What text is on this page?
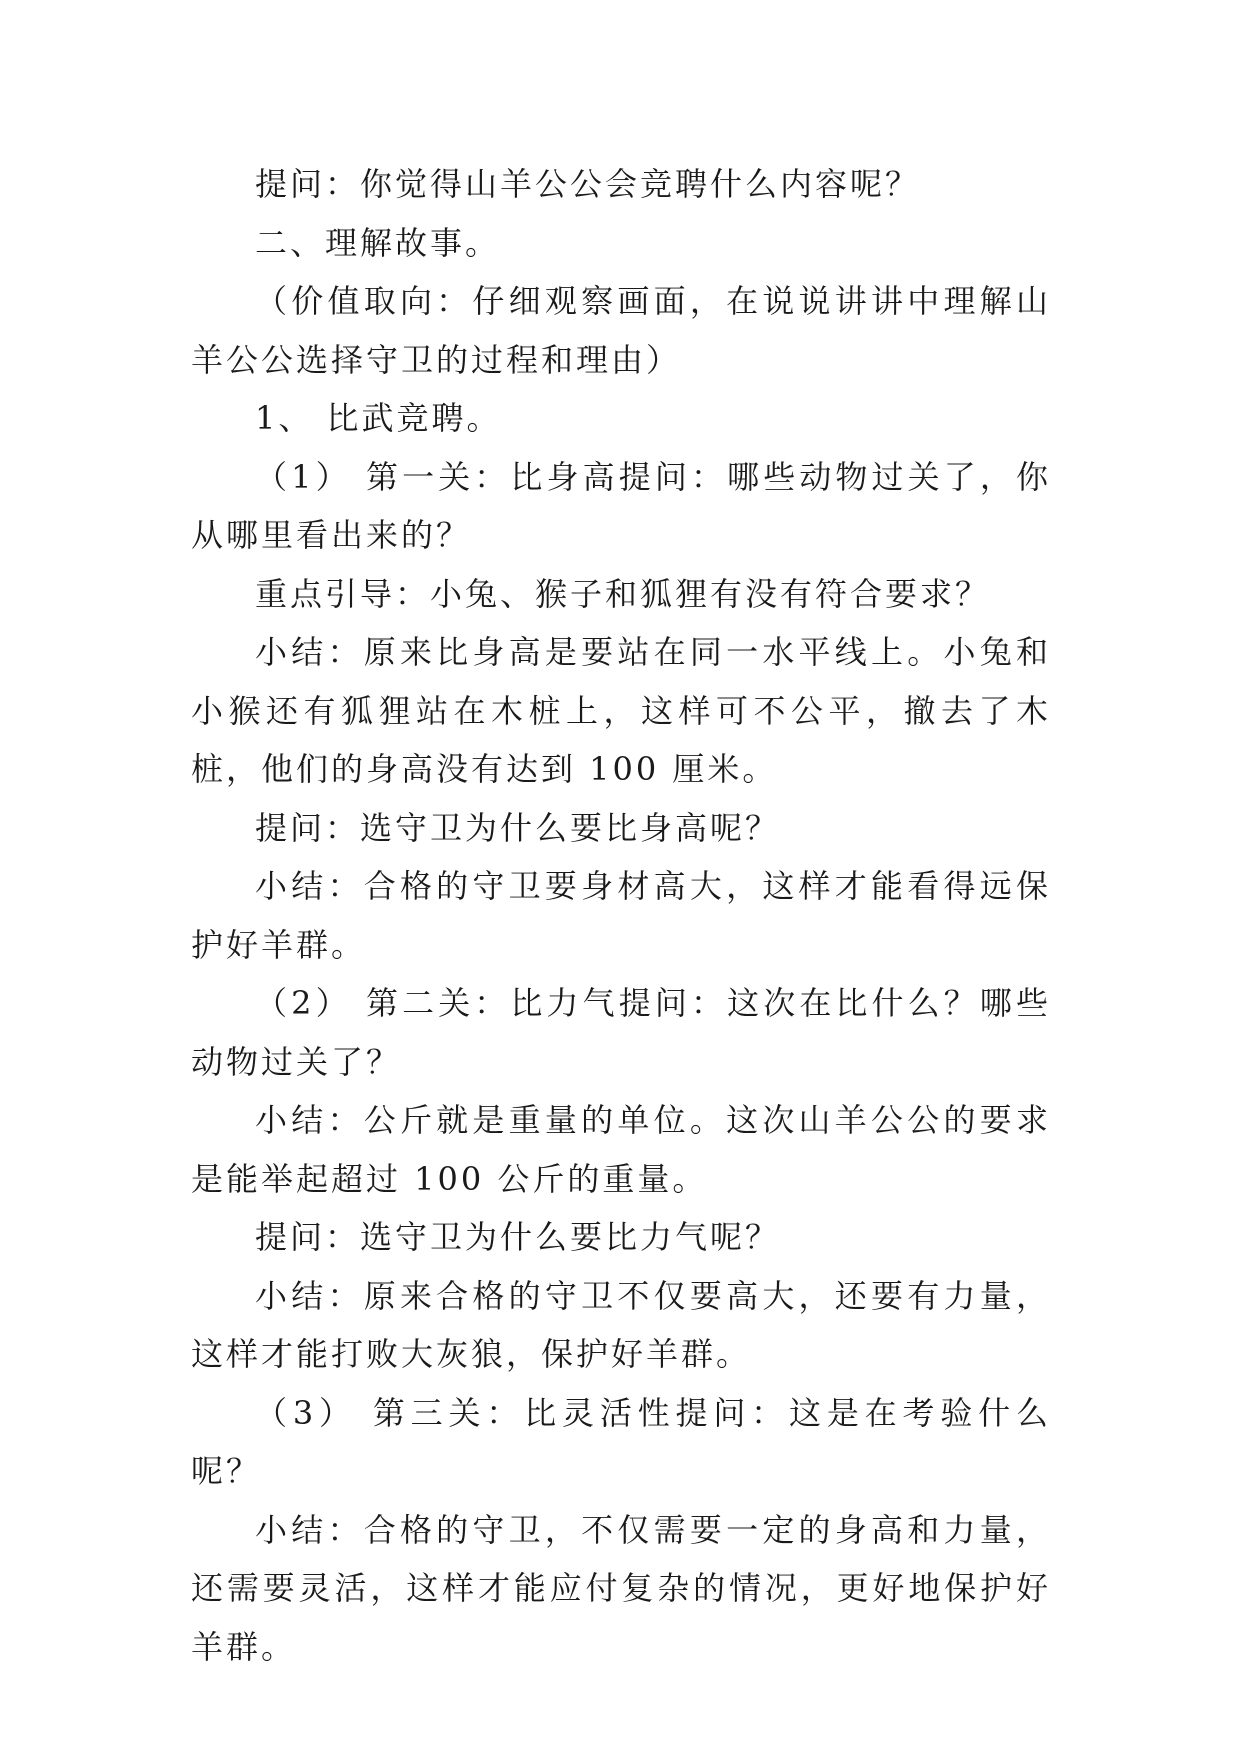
提问：你觉得山羊公公会竞聘什么内容呢？

二、理解故事。

（价值取向：仔细观察画面，在说说讲讲中理解山羊公公选择守卫的过程和理由）

1、 比武竞聘。

（1） 第一关：比身高提问：哪些动物过关了，你从哪里看出来的？

重点引导：小兔、猴子和狐狸有没有符合要求？

小结：原来比身高是要站在同一水平线上。小兔和小猴还有狐狸站在木桩上，这样可不公平，撤去了木桩，他们的身高没有达到 100 厘米。

提问：选守卫为什么要比身高呢？

小结：合格的守卫要身材高大，这样才能看得远保护好羊群。

（2） 第二关：比力气提问：这次在比什么？哪些动物过关了？

小结：公斤就是重量的单位。这次山羊公公的要求是能举起超过 100 公斤的重量。

提问：选守卫为什么要比力气呢？

小结：原来合格的守卫不仅要高大，还要有力量，这样才能打败大灰狼，保护好羊群。

（3） 第三关：比灵活性提问：这是在考验什么呢？

小结：合格的守卫，不仅需要一定的身高和力量，还需要灵活，这样才能应付复杂的情况，更好地保护好羊群。
